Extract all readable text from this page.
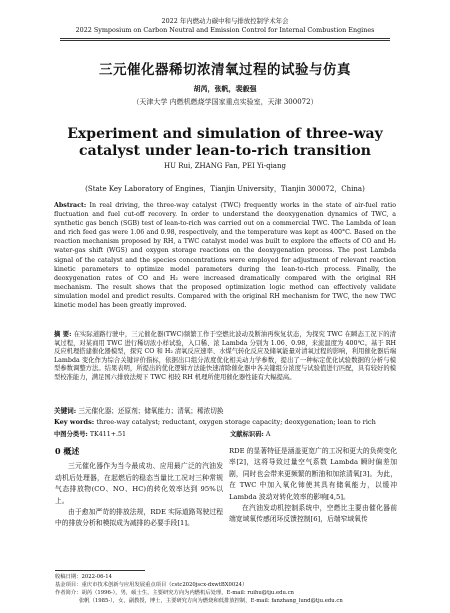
2022 年内燃动力碳中和与排放控制学术年会
2022 Symposium on Carbon Neutral and Emission Control for Internal Combustion Engines
三元催化器稀切浓清氧过程的试验与仿真
胡芮，张帆，裴毅强
（天津大学 内燃机燃烧学国家重点实验室，天津 300072）
Experiment and simulation of three-way catalyst under lean-to-rich transition
HU Rui, ZHANG Fan, PEI Yi-qiang
(State Key Laboratory of Engines，Tianjin University，Tianjin 300072，China)
Abstract: In real driving, the three-way catalyst (TWC) frequently works in the state of air-fuel ratio fluctuation and fuel cut-off recovery. In order to understand the deoxygenation dynamics of TWC, a synthetic gas bench (SGB) test of lean-to-rich was carried out on a commercial TWC. The Lambda of lean and rich feed gas were 1.06 and 0.98, respectively, and the temperature was kept as 400°C. Based on the reaction mechanism proposed by RH, a TWC catalyst model was built to explore the effects of CO and H₂ water-gas shift (WGS) and oxygen storage reactions on the deoxygenation process. The post Lambda signal of the catalyst and the species concentrations were employed for adjustment of relevant reaction kinetic parameters to optimize model parameters during the lean-to-rich process. Finally, the deoxygenation rates of CO and H₂ were increased dramatically compared with the original RH mechanism. The result shows that the proposed optimization logic method can effectively validate simulation model and predict results. Compared with the original RH mechanism for TWC, the new TWC kinetic model has been greatly improved.
摘 要: 在实际道路行驶中，三元催化器(TWC)频繁工作于空燃比波动及断油再恢复状态，为探究 TWC 在瞬态工况下的清氧过程，对某商用 TWC 进行稀切浓小样试验，入口稀、浓 Lambda 分别为 1.06、0.98，来流温度为 400℃。基于 RH 反应机理搭建催化器模型，探究 CO 和 H₂ 清氧反应速率、水煤气转化反应及储氧能量对清氧过程的影响，利用催化器后端 Lambda 变化作为综合关键评价指标，依据出口组分浓度优化相关动力学参数，提出了一种标定优化试验数据的分析与模型参数调整方法。结果表明，所提出的优化逻辑方法能快速清除催化器中各关键组分浓度与试验值进行匹配，具有较好的模型校准能力，满足国六排放法规下 TWC 相较 RH 机理所使用催化器性能有大幅提高。
关键词: 三元催化器；还原剂；储氧能力；清氧；稀浓切换
Key words: three-way catalyst; reductant, oxygen storage capacity; deoxygenation; lean to rich
中图分类号: TK411+.51	文献标识码: A
0 概述

三元催化器作为当今最成功、应用最广泛的汽油发动机后处理器，在起燃后的稳态当量比工况对三种常规气态排放物(CO、NO、HC)的转化效率达到 95%以上。

由于愈加严苛的排放法规，RDE 实际道路驾驶过程中的排放分析和模拟成为减排的必要手段[1]。

RDE 的显著特征是涵盖更宽广的工况和更大的负荷变化率[2]，这将导致过量空气系数 Lambda 瞬时偏差加剧，同时也会带来更频繁的断油和加浓清氧[3]。为此，在 TWC 中加入氧化铈使其具有储氧能力，以缓冲 Lambda 波动对转化效率的影响[4,5]。

在汽油发动机控制系统中，空燃比主要由催化器前端宽域氧传感闭环反馈控制[6]，后端窄域氧传

收稿日期：2022-06-14
基金项目：重庆市技术创新与应用发展重点项目（cstc2020jscx-dxwtBX0024）
作者简介：胡芮（1996-），男，硕士生，主要研究方向为内燃机后处理，E-mail: ruihu@tju.edu.cn
张帆（1985-），女，副教授，博士，主要研究方向为燃烧和低排放控制，E-mail: fanzhang_lund@tju.edu.cn
